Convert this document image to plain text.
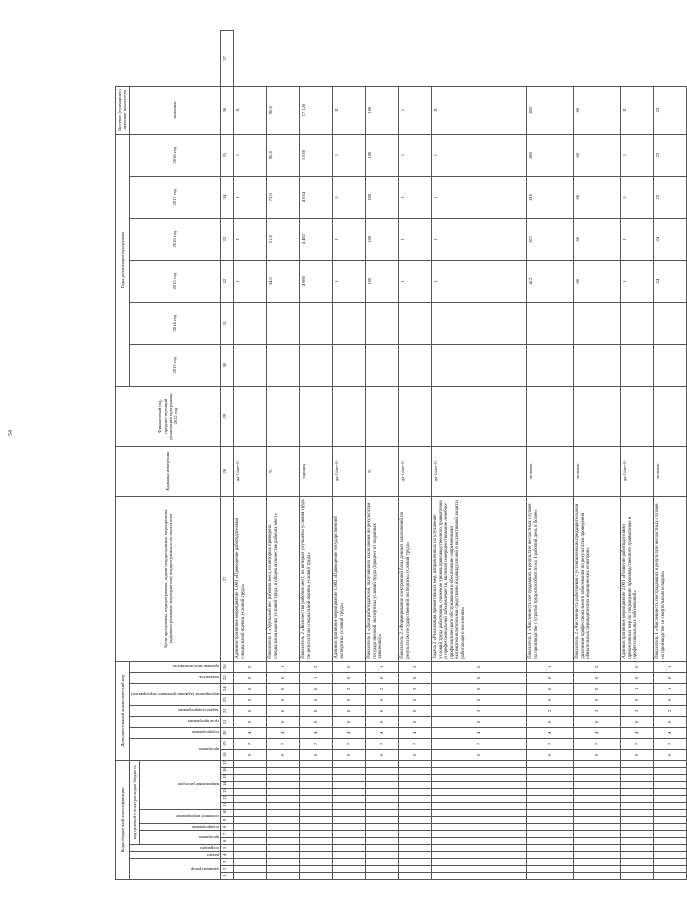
54
Коды бюджетной классификации																	Дополнительный аналитический код									Цели программы, подпрограммы, задачи подпрограммы, мероприятия (административные мероприятия) подпрограммы и их показатели	Единица измерения	Финансовый год, предшествующий реализации программы, 2012 год	Годы реализации программы						Целевое (суммарное) значение показателя	

администратор			раздел	подраздел	код целевой статьи расходов бюджета												программа		подпрограмма	цель программы	задача подпрограммы	мероприятие (административное мероприятие)		показатель	признак типа показателя				2013 год	2014 год	2015 год	2016 год	2017 год	2018 год	значение	

					программа		подпрограмма	основное мероприятие		направление расходов																										

1	2	3	4	5	6	7	8	9	10	11	12	13	14	15	16	17	18	19	20	21	22	23	24	25	26	27	28	29	30	31	32	33	34	35	36	37
																	0	7	4	0	0	0	0	0	0	Административное мероприятие 1.001 «Проведение работодателями специальной оценки условий труда»	да-1/нет-0				1	1	1	1	Х	
																	0	7	4	0	0	0	0	0	1	Показатель 1 «Удельный вес рабочих мест, на которых проведена специальная оценка условий труда, в общем количестве рабочих мест»	%				34,0	51,8	72,0	90,0	90,0	
																	0	7	4	0	0	0	0	1	2	Показатель 2 «Количество рабочих мест, на которых улучшены условия труда по результатам специальной оценки условий труда»	единиц				4 980	4 482	4 034	3 630	17 126	
																	0	7	4	0	0	0	2	0	0	Административное мероприятие 1.002 «Проведение государственной экспертизы условий труда»	да-1/нет-0				1	1	1	1	Х	
																	0	7	4	0	0	0	2	0	1	Показатель 1 «Доля работодателей, получивших заключения по результатам государственной экспертизы условий труда (процент от поданных заявлений)»	%				100	100	100	100	100	
																	0	7	4	0	0	0	2	0	2	Показатель 2 «Формирование электронной базы данных заключений по результатам государственной экспертизы условий труда»	да-1/нет-0				1	1	1	1	1	
																	0	7	4	0	2	0	0	0	0	Задача 2 «Реализация превентивных мер, направленных на улучшение условий труда работников, снижение уровня производственного травматизма и профессиональной заболеваемости, включая совершенствование лечебно-профилактического обслуживания и обеспечение современными высокотехнологичными средствами индивидуальной и коллективной защиты работающего населения»	да-1/нет-0				1	1	1	1	Х	
																	0	7	4	0	2	0	0	0	1	Показатель 1 «Численность пострадавших в результате несчастных случаев на производстве с утратой трудоспособности на 1 рабочий день и более»	человек				412	411	410	405	405	
																	0	7	4	0	2	0	0	0	2	Показатель 2 «Численность работников с установленным предварительным диагнозом профессионального заболевания по результатам проведения обязательных периодических медицинских осмотров»	человек				66	66	66	66	66	
																	0	7	4	0	2	0	1	0	0	Административное мероприятие 2.001 «Развитие работодателями превентивных мер по сокращению производственного травматизма и профессиональных заболеваний»	да-1/нет-0				1	1	1	1	Х	
																	0	7	4	0	2	0	1	0	1	Показатель 1 «Численность пострадавших в результате несчастных случаев на производстве со смертельным исходом»	человек				24	24	23	23	23	
